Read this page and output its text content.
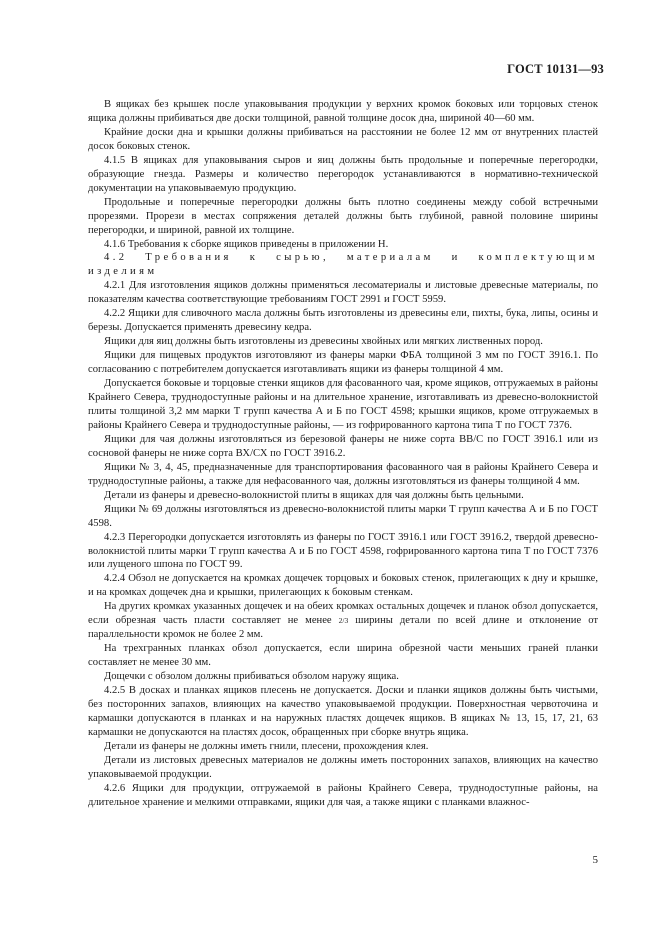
ГОСТ 10131—93

В ящиках без крышек после упаковывания продукции у верхних кромок боковых или торцовых стенок ящика должны прибиваться две доски толщиной, равной толщине досок дна, шириной 40—60 мм.

Крайние доски дна и крышки должны прибиваться на расстоянии не более 12 мм от внутренних пластей досок боковых стенок.

4.1.5 В ящиках для упаковывания сыров и яиц должны быть продольные и поперечные перегородки, образующие гнезда. Размеры и количество перегородок устанавливаются в нормативно-технической документации на упаковываемую продукцию.

Продольные и поперечные перегородки должны быть плотно соединены между собой встречными прорезями. Прорези в местах сопряжения деталей должны быть глубиной, равной половине ширины перегородки, и шириной, равной их толщине.

4.1.6 Требования к сборке ящиков приведены в приложении Н.

4.2 Требования к сырью, материалам и комплектующим изделиям

4.2.1 Для изготовления ящиков должны применяться лесоматериалы и листовые древесные материалы, по показателям качества соответствующие требованиям ГОСТ 2991 и ГОСТ 5959.

4.2.2 Ящики для сливочного масла должны быть изготовлены из древесины ели, пихты, бука, липы, осины и березы. Допускается применять древесину кедра.

Ящики для яиц должны быть изготовлены из древесины хвойных или мягких лиственных пород.

Ящики для пищевых продуктов изготовляют из фанеры марки ФБА толщиной 3 мм по ГОСТ 3916.1. По согласованию с потребителем допускается изготавливать ящики из фанеры толщиной 4 мм.

Допускается боковые и торцовые стенки ящиков для фасованного чая, кроме ящиков, отгружаемых в районы Крайнего Севера, труднодоступные районы и на длительное хранение, изготавливать из древесно-волокнистой плиты толщиной 3,2 мм марки Т групп качества А и Б по ГОСТ 4598; крышки ящиков, кроме отгружаемых в районы Крайнего Севера и труднодоступные районы, — из гофрированного картона типа Т по ГОСТ 7376.

Ящики для чая должны изготовляться из березовой фанеры не ниже сорта ВВ/С по ГОСТ 3916.1 или из сосновой фанеры не ниже сорта ВХ/СХ по ГОСТ 3916.2.

Ящики № 3, 4, 45, предназначенные для транспортирования фасованного чая в районы Крайнего Севера и труднодоступные районы, а также для нефасованного чая, должны изготовляться из фанеры толщиной 4 мм.

Детали из фанеры и древесно-волокнистой плиты в ящиках для чая должны быть цельными.

Ящики № 69 должны изготовляться из древесно-волокнистой плиты марки Т групп качества А и Б по ГОСТ 4598.

4.2.3 Перегородки допускается изготовлять из фанеры по ГОСТ 3916.1 или ГОСТ 3916.2, твердой древесно-волокнистой плиты марки Т групп качества А и Б по ГОСТ 4598, гофрированного картона типа Т по ГОСТ 7376 или лущеного шпона по ГОСТ 99.

4.2.4 Обзол не допускается на кромках дощечек торцовых и боковых стенок, прилегающих к дну и крышке, и на кромках дощечек дна и крышки, прилегающих к боковым стенкам.

На других кромках указанных дощечек и на обеих кромках остальных дощечек и планок обзол допускается, если обрезная часть пласти составляет не менее 2/3 ширины детали по всей длине и отклонение от параллельности кромок не более 2 мм.

На трехгранных планках обзол допускается, если ширина обрезной части меньших граней планки составляет не менее 30 мм.

Дощечки с обзолом должны прибиваться обзолом наружу ящика.

4.2.5 В досках и планках ящиков плесень не допускается. Доски и планки ящиков должны быть чистыми, без посторонних запахов, влияющих на качество упаковываемой продукции. Поверхностная червоточина и кармашки допускаются в планках и на наружных пластях дощечек ящиков. В ящиках № 13, 15, 17, 21, 63 кармашки не допускаются на пластях досок, обращенных при сборке внутрь ящика.

Детали из фанеры не должны иметь гнили, плесени, прохождения клея.

Детали из листовых древесных материалов не должны иметь посторонних запахов, влияющих на качество упаковываемой продукции.

4.2.6 Ящики для продукции, отгружаемой в районы Крайнего Севера, труднодоступные районы, на длительное хранение и мелкими отправками, ящики для чая, а также ящики с планками влажнос-

5
